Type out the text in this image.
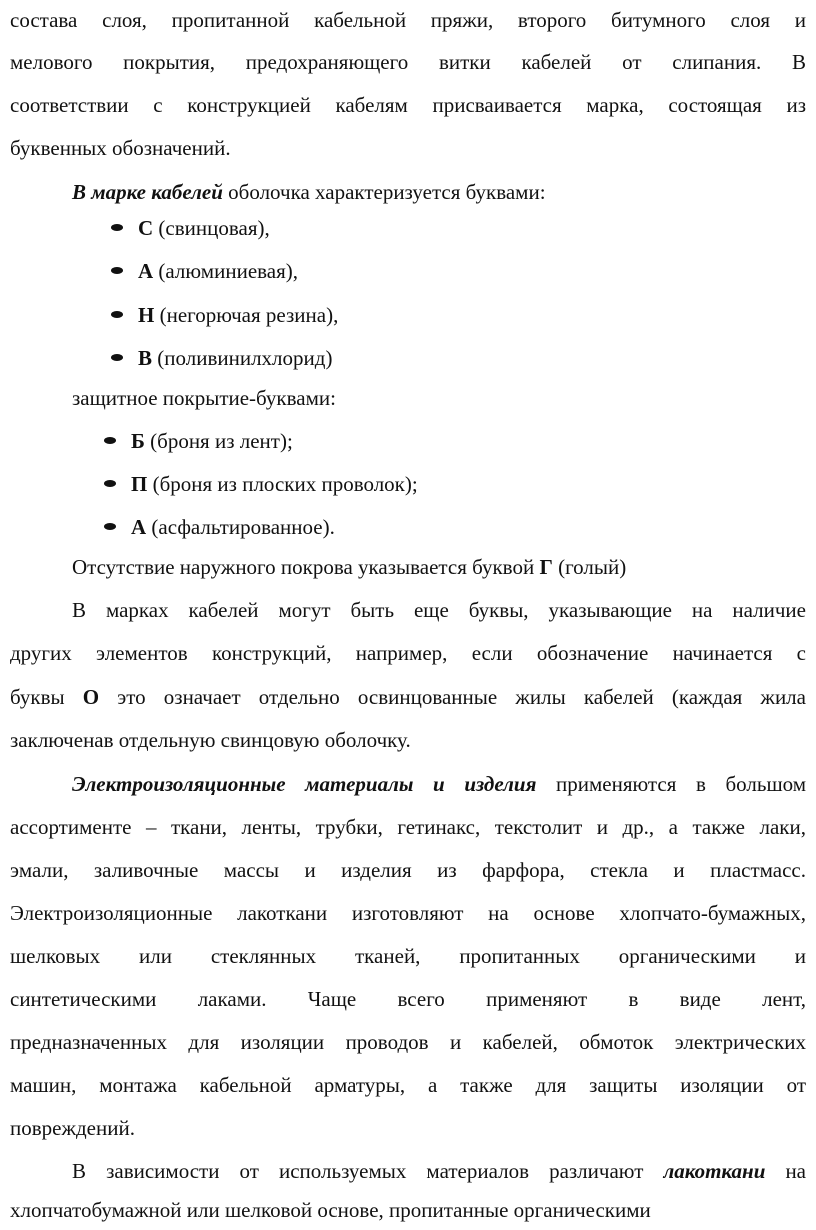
состава слоя, пропитанной кабельной пряжи, второго битумного слоя и
мелового покрытия, предохраняющего витки кабелей от слипания. В
соответствии с конструкцией кабелям присваивается марка, состоящая из
буквенных обозначений.
В марке кабелей оболочка характеризуется буквами:
С (свинцовая),
А (алюминиевая),
Н (негорючая резина),
В (поливинилхлорид)
защитное покрытие-буквами:
Б (броня из лент);
П (броня из плоских проволок);
А (асфальтированное).
Отсутствие наружного покрова указывается буквой Г (голый)
В марках кабелей могут быть еще буквы, указывающие на наличие
других элементов конструкций, например, если обозначение начинается с
буквы О это означает отдельно освинцованные жилы кабелей (каждая жила
заключенав отдельную свинцовую оболочку.
Электроизоляционные материалы и изделия применяются в большом
ассортименте – ткани, ленты, трубки, гетинакс, текстолит и др., а также лаки,
эмали, заливочные массы и изделия из фарфора, стекла и пластмасс.
Электроизоляционные лакоткани изготовляют на основе хлопчато-бумажных,
шелковых или стеклянных тканей, пропитанных органическими и
синтетическими лаками. Чаще всего применяют в виде лент,
предназначенных для изоляции проводов и кабелей, обмоток электрических
машин, монтажа кабельной арматуры, а также для защиты изоляции от
повреждений.
В зависимости от используемых материалов различают лакоткани на
хлопчатобумажной или шелковой основе, пропитанные органическими
